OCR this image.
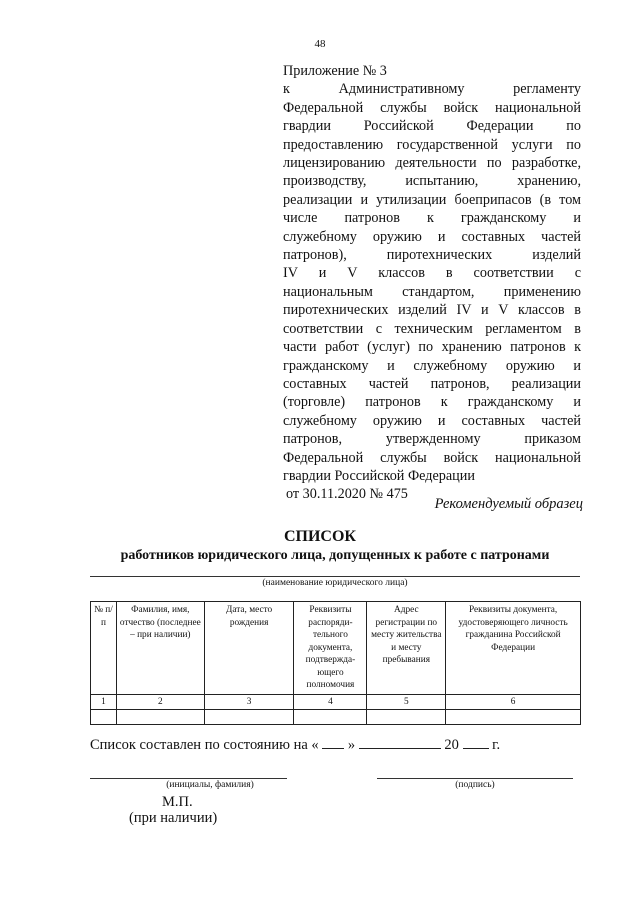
48
Приложение № 3
к Административному регламенту
Федеральной службы войск национальной
гвардии Российской Федерации по
предоставлению государственной услуги по
лицензированию деятельности по разработке,
производству, испытанию, хранению,
реализации и утилизации боеприпасов (в том
числе патронов к гражданскому и
служебному оружию и составных частей
патронов), пиротехнических изделий
IV и V классов в соответствии с
национальным стандартом, применению
пиротехнических изделий IV и V классов в
соответствии с техническим регламентом в
части работ (услуг) по хранению патронов к
гражданскому и служебному оружию и
составных частей патронов, реализации
(торговле) патронов к гражданскому и
служебному оружию и составных частей
патронов, утвержденному приказом
Федеральной службы войск национальной
гвардии Российской Федерации
от 30.11.2020 № 475
Рекомендуемый образец
СПИСОК
работников юридического лица, допущенных к работе с патронами
(наименование юридического лица)
№ п/п	Фамилия, имя, отчество (последнее – при наличии)	Дата, место рождения	Реквизиты распоряди-тельного документа, подтвержда-ющего полномочия	Адрес регистрации по месту жительства и месту пребывания	Реквизиты документа, удостоверяющего личность гражданина Российской Федерации
1	2	3	4	5	6

Список составлен по состоянию на « »	20 г.
(инициалы, фамилия)	(подпись)
М.П.
(при наличии)
